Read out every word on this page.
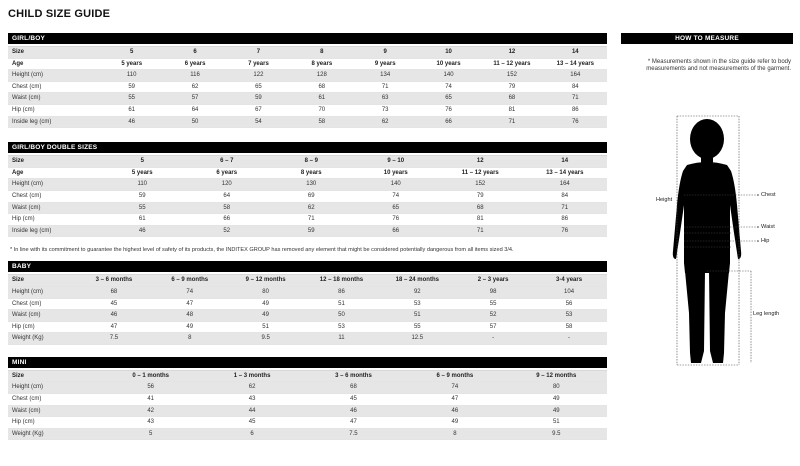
CHILD SIZE GUIDE
GIRL/BOY
Size	5	6	7	8	9	10	12	14
Age	5 years	6 years	7 years	8 years	9 years	10 years	11 – 12 years	13 – 14 years
Height (cm)	110	116	122	128	134	140	152	164
Chest (cm)	59	62	65	68	71	74	79	84
Waist (cm)	55	57	59	61	63	65	68	71
Hip (cm)	61	64	67	70	73	76	81	86
Inside leg (cm)	46	50	54	58	62	66	71	76
GIRL/BOY DOUBLE SIZES
Size	5	6 – 7	8 – 9	9 – 10	12	14
Age	5 years	6 years	8 years	10 years	11 – 12 years	13 – 14 years
Height (cm)	110	120	130	140	152	164
Chest (cm)	59	64	69	74	79	84
Waist (cm)	55	58	62	65	68	71
Hip (cm)	61	66	71	76	81	86
Inside leg (cm)	46	52	59	66	71	76
* In line with its commitment to guarantee the highest level of safety of its products, the INDITEX GROUP has removed any element that might be considered potentially dangerous from all items sized 3/4.
BABY
Size	3 – 6 months	6 – 9 months	9 – 12 months	12 – 18 months	18 – 24 months	2 – 3 years	3-4 years
Height (cm)	68	74	80	86	92	98	104
Chest (cm)	45	47	49	51	53	55	56
Waist (cm)	46	48	49	50	51	52	53
Hip (cm)	47	49	51	53	55	57	58
Weight (Kg)	7.5	8	9.5	11	12.5	-	-
MINI
Size	0 – 1 months	1 – 3 months	3 – 6 months	6 – 9 months	9 – 12 months
Height (cm)	56	62	68	74	80
Chest (cm)	41	43	45	47	49
Waist (cm)	42	44	46	46	49
Hip (cm)	43	45	47	49	51
Weight (Kg)	5	6	7.5	8	9.5
HOW TO MEASURE
* Measurements shown in the size guide refer to body measurements and not measurements of the garment.
Height
Chest
Waist
Hip
Leg length
